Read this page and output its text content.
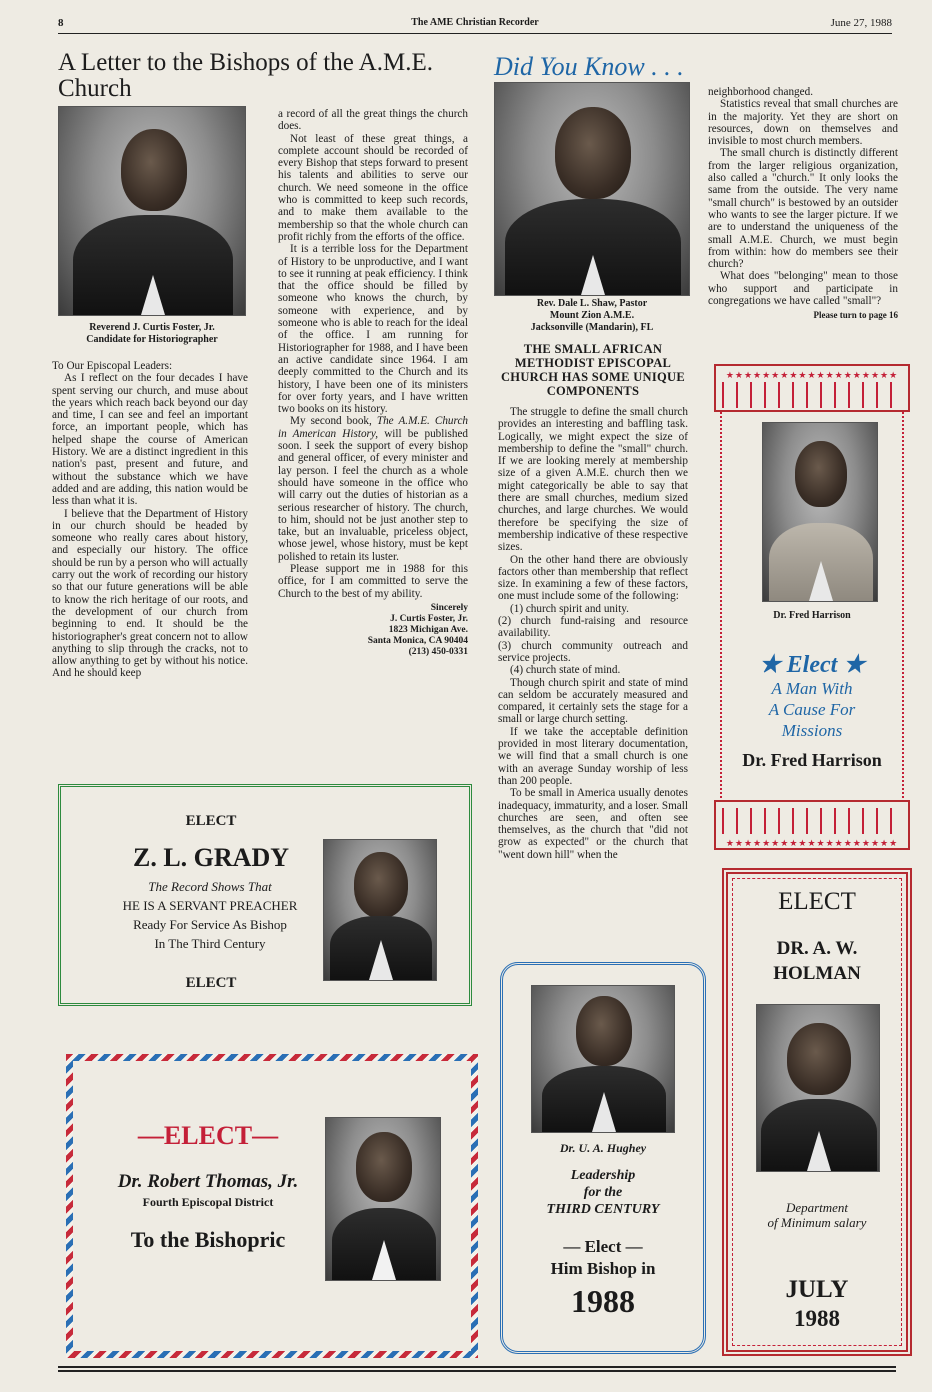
8	The AME Christian Recorder	June 27, 1988
A Letter to the Bishops of the A.M.E. Church
Reverend J. Curtis Foster, Jr.
Candidate for Historiographer

To Our Episcopal Leaders:

As I reflect on the four decades I have spent serving our church, and muse about the years which reach back beyond our day and time, I can see and feel an important force, an important people, which has helped shape the course of American History. We are a distinct ingredient in this nation's past, present and future, and without the substance which we have added and are adding, this nation would be less than what it is.

I believe that the Department of History in our church should be headed by someone who really cares about history, and especially our history. The office should be run by a person who will actually carry out the work of recording our history so that our future generations will be able to know the rich heritage of our roots, and the development of our church from beginning to end. It should be the historiographer's great concern not to allow anything to slip through the cracks, not to allow anything to get by without his notice. And he should keep

a record of all the great things the church does.

Not least of these great things, a complete account should be recorded of every Bishop that steps forward to present his talents and abilities to serve our church. We need someone in the office who is committed to keep such records, and to make them available to the membership so that the whole church can profit richly from the efforts of the office.

It is a terrible loss for the Department of History to be unproductive, and I want to see it running at peak efficiency. I think that the office should be filled by someone who knows the church, by someone with experience, and by someone who is able to reach for the ideal of the office. I am running for Historiographer for 1988, and I have been an active candidate since 1964. I am deeply committed to the Church and its history, I have been one of its ministers for over forty years, and I have written two books on its history.

My second book, The A.M.E. Church in American History, will be published soon. I seek the support of every bishop and general officer, of every minister and lay person. I feel the church as a whole should have someone in the office who will carry out the duties of historian as a serious researcher of history. The church, to him, should not be just another step to take, but an invaluable, priceless object, whose jewel, whose history, must be kept polished to retain its luster.

Please support me in 1988 for this office, for I am committed to serve the Church to the best of my ability.

Sincerely
J. Curtis Foster, Jr.
1823 Michigan Ave.
Santa Monica, CA 90404
(213) 450-0331
Did You Know . . .
Rev. Dale L. Shaw, Pastor
Mount Zion A.M.E.
Jacksonville (Mandarin), FL
THE SMALL AFRICAN METHODIST EPISCOPAL CHURCH HAS SOME UNIQUE COMPONENTS

The struggle to define the small church provides an interesting and baffling task. Logically, we might expect the size of membership to define the "small" church. If we are looking merely at membership size of a given A.M.E. church then we might categorically be able to say that there are small churches, medium sized churches, and large churches. We would therefore be specifying the size of membership indicative of these respective sizes.

On the other hand there are obviously factors other than membership that reflect size. In examining a few of these factors, one must include some of the following:

(1) church spirit and unity.

(2) church fund-raising and resource availability.

(3) church community outreach and service projects.

(4) church state of mind.

Though church spirit and state of mind can seldom be accurately measured and compared, it certainly sets the stage for a small or large church setting.

If we take the acceptable definition provided in most literary documentation, we will find that a small church is one with an average Sunday worship of less than 200 people.

To be small in America usually denotes inadequacy, immaturity, and a loser. Small churches are seen, and often see themselves, as the church that "did not grow as expected" or the church that "went down hill" when the

neighborhood changed.

Statistics reveal that small churches are in the majority. Yet they are short on resources, down on themselves and invisible to most church members.

The small church is distinctly different from the larger religious organization, also called a "church." It only looks the same from the outside. The very name "small church" is bestowed by an outsider who wants to see the larger picture. If we are to understand the uniqueness of the small A.M.E. Church, we must begin from within: how do members see their church?

What does "belonging" mean to those who support and participate in congregations we have called "small"?

Please turn to page 16
★★★★★★★★★★★★★★★★★★★
Dr. Fred Harrison
★ Elect ★
A Man With
A Cause For
Missions
Dr. Fred Harrison
★★★★★★★★★★★★★★★★★★★
ELECT
Z. L. GRADY
The Record Shows That
HE IS A SERVANT PREACHER
Ready For Service As Bishop
In The Third Century
ELECT
—ELECT—
Dr. Robert Thomas, Jr.
Fourth Episcopal District
To the Bishopric
Dr. U. A. Hughey
Leadership
for the
THIRD CENTURY
— Elect —
Him Bishop in
1988
ELECT
DR. A. W.
HOLMAN
Department
of Minimum salary
JULY
1988
